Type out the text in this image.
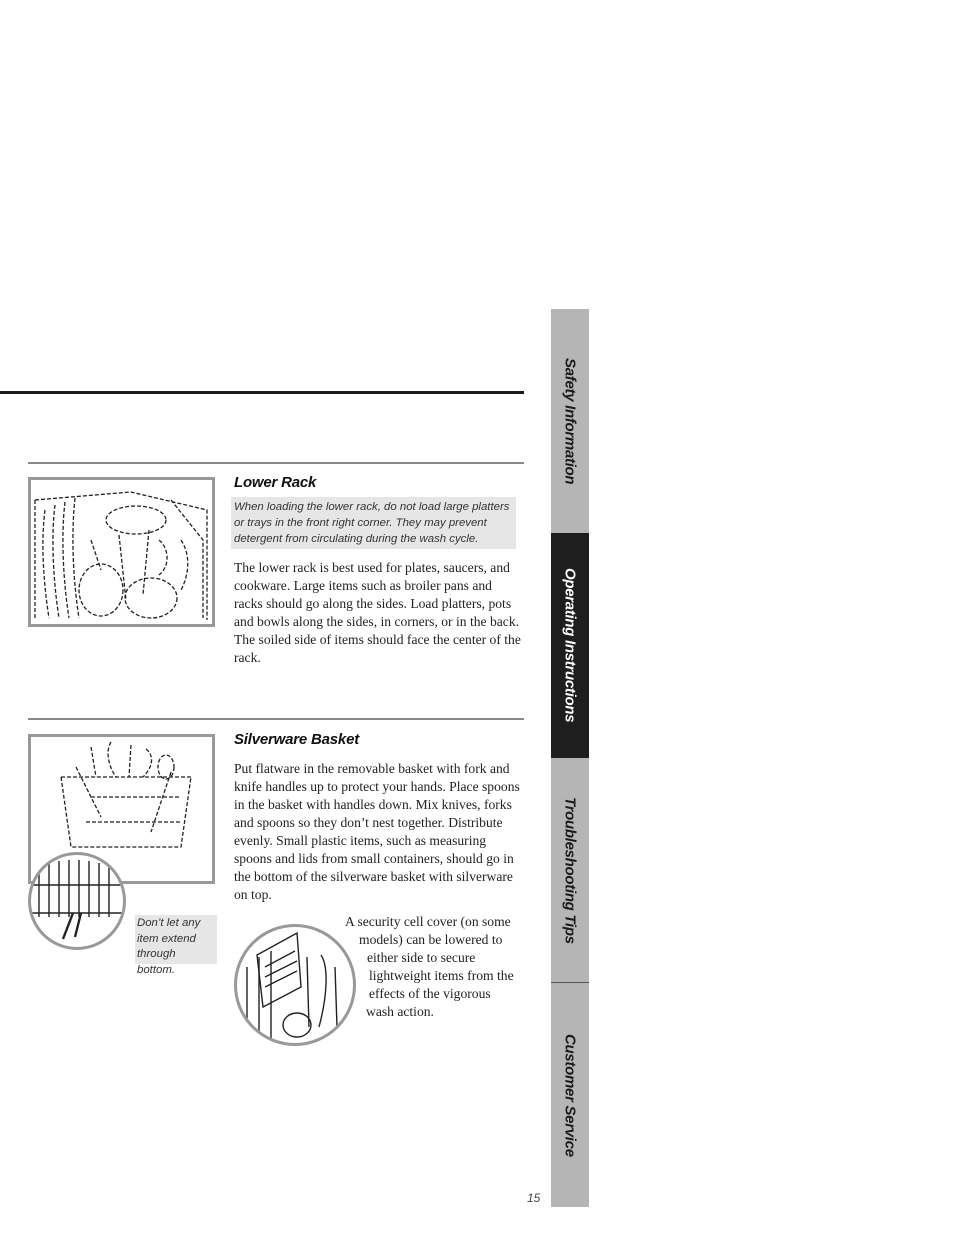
Lower Rack
When loading the lower rack, do not load large platters or trays in the front right corner. They may prevent detergent from circulating during the wash cycle.
The lower rack is best used for plates, saucers, and cookware. Large items such as broiler pans and racks should go along the sides. Load platters, pots and bowls along the sides, in corners, or in the back. The soiled side of items should face the center of the rack.
Don’t let any item extend through bottom.
Silverware Basket
Put flatware in the removable basket with fork and knife handles up to protect your hands. Place spoons in the basket with handles down. Mix knives, forks and spoons so they don’t nest together. Distribute evenly. Small plastic items, such as measuring spoons and lids from small containers, should go in the bottom of the silverware basket with silverware on top.
A security cell cover (on some
models) can be lowered to
either side to secure
lightweight items from the
effects of the vigorous
wash action.
Safety Information
Operating Instructions
Troubleshooting Tips
Customer Service
15
